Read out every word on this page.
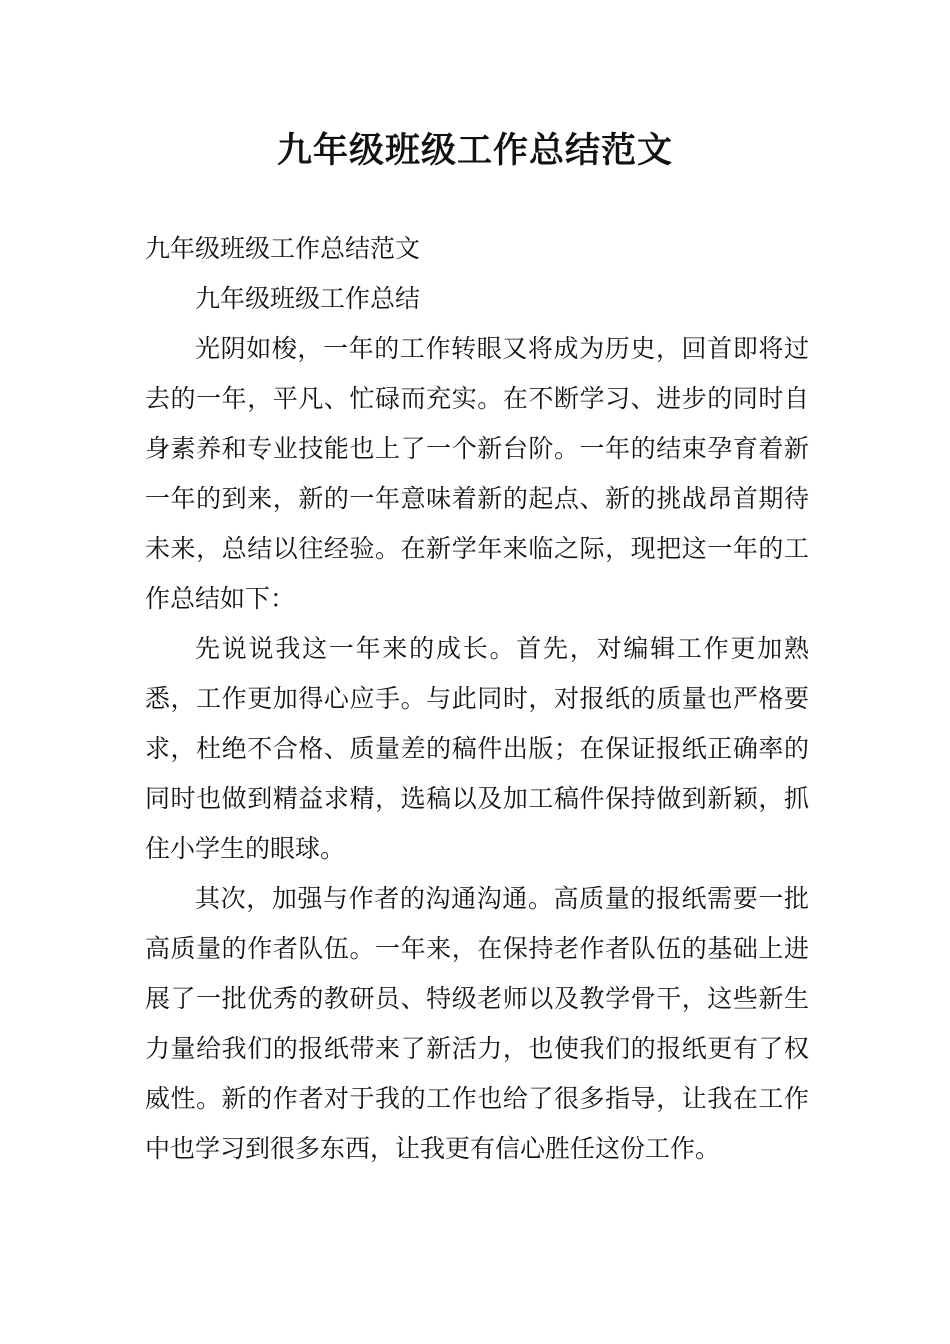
九年级班级工作总结范文

九年级班级工作总结范文

九年级班级工作总结

光阴如梭，一年的工作转眼又将成为历史，回首即将过去的一年，平凡、忙碌而充实。在不断学习、进步的同时自身素养和专业技能也上了一个新台阶。一年的结束孕育着新一年的到来，新的一年意味着新的起点、新的挑战昂首期待未来，总结以往经验。在新学年来临之际，现把这一年的工作总结如下：

先说说我这一年来的成长。首先，对编辑工作更加熟悉，工作更加得心应手。与此同时，对报纸的质量也严格要求，杜绝不合格、质量差的稿件出版；在保证报纸正确率的同时也做到精益求精，选稿以及加工稿件保持做到新颖，抓住小学生的眼球。

其次，加强与作者的沟通沟通。高质量的报纸需要一批高质量的作者队伍。一年来，在保持老作者队伍的基础上进展了一批优秀的教研员、特级老师以及教学骨干，这些新生力量给我们的报纸带来了新活力，也使我们的报纸更有了权威性。新的作者对于我的工作也给了很多指导，让我在工作中也学习到很多东西，让我更有信心胜任这份工作。
